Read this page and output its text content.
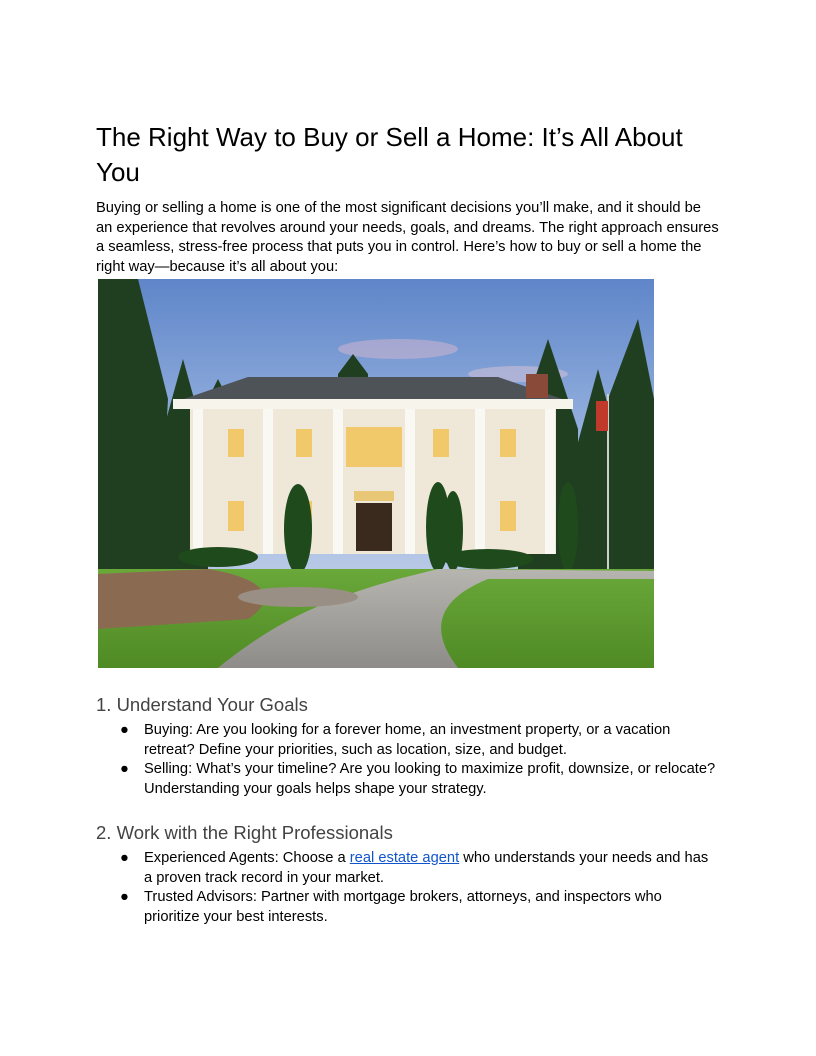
The Right Way to Buy or Sell a Home: It’s All About You

Buying or selling a home is one of the most significant decisions you’ll make, and it should be an experience that revolves around your needs, goals, and dreams. The right approach ensures a seamless, stress-free process that puts you in control. Here’s how to buy or sell a home the right way—because it’s all about you:

1. Understand Your Goals
● Buying: Are you looking for a forever home, an investment property, or a vacation retreat? Define your priorities, such as location, size, and budget.
● Selling: What’s your timeline? Are you looking to maximize profit, downsize, or relocate? Understanding your goals helps shape your strategy.
2. Work with the Right Professionals
● Experienced Agents: Choose a real estate agent who understands your needs and has a proven track record in your market.
● Trusted Advisors: Partner with mortgage brokers, attorneys, and inspectors who prioritize your best interests.
